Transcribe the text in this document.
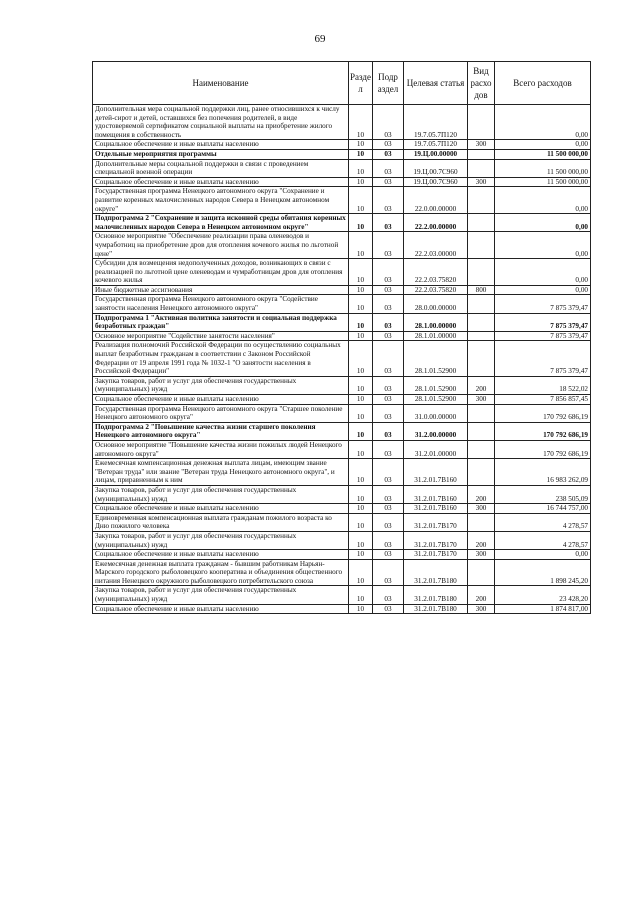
69
Наименование	Разде л	Подр аздел	Целевая статья	Вид расхо дов	Всего расходов
Дополнительная мера социальной поддержки лиц, ранее относившихся к числу детей-сирот и детей, оставшихся без попечения родителей, в виде удостоверяемой сертификатом социальной выплаты на приобретение жилого помещения в собственность	10	03	19.7.05.7П120		0,00
Социальное обеспечение и иные выплаты населению	10	03	19.7.05.7П120	300	0,00
Отдельные мероприятия программы	10	03	19.Ц.00.00000		11 500 000,00
Дополнительные меры социальной поддержки в связи с проведением специальной военной операции	10	03	19.Ц.00.7С960		11 500 000,00
Социальное обеспечение и иные выплаты населению	10	03	19.Ц.00.7С960	300	11 500 000,00
Государственная программа Ненецкого автономного округа "Сохранение и развитие коренных малочисленных народов Севера в Ненецком автономном округе"	10	03	22.0.00.00000		0,00
Подпрограмма 2 "Сохранение и защита исконной среды обитания коренных малочисленных народов Севера в Ненецком автономном округе"	10	03	22.2.00.00000		0,00
Основное мероприятие "Обеспечение реализации права оленеводов и чумработниц на приобретение дров для отопления кочевого жилья по льготной цене"	10	03	22.2.03.00000		0,00
Субсидии для возмещения недополученных доходов, возникающих в связи с реализацией по льготной цене оленеводам и чумработницам дров для отопления кочевого жилья	10	03	22.2.03.75820		0,00
Иные бюджетные ассигнования	10	03	22.2.03.75820	800	0,00
Государственная программа Ненецкого автономного округа "Содействие занятости населения Ненецкого автономного округа"	10	03	28.0.00.00000		7 875 379,47
Подпрограмма 1 "Активная политика занятости и социальная поддержка безработных граждан"	10	03	28.1.00.00000		7 875 379,47
Основное мероприятие "Содействие занятости населения"	10	03	28.1.01.00000		7 875 379,47
Реализация полномочий Российской Федерации по осуществлению социальных выплат безработным гражданам в соответствии с Законом Российской Федерации от 19 апреля 1991 года № 1032-1 "О занятости населения в Российской Федерации"	10	03	28.1.01.52900		7 875 379,47
Закупка товаров, работ и услуг для обеспечения государственных (муниципальных) нужд	10	03	28.1.01.52900	200	18 522,02
Социальное обеспечение и иные выплаты населению	10	03	28.1.01.52900	300	7 856 857,45
Государственная программа Ненецкого автономного округа "Старшее поколение Ненецкого автономного округа"	10	03	31.0.00.00000		170 792 686,19
Подпрограмма 2 "Повышение качества жизни старшего поколения Ненецкого автономного округа"	10	03	31.2.00.00000		170 792 686,19
Основное мероприятие "Повышение качества жизни пожилых людей Ненецкого автономного округа"	10	03	31.2.01.00000		170 792 686,19
Ежемесячная компенсационная денежная выплата лицам, имеющим звание "Ветеран труда" или звание "Ветеран труда Ненецкого автономного округа", и лицам, приравненным к ним	10	03	31.2.01.7В160		16 983 262,09
Закупка товаров, работ и услуг для обеспечения государственных (муниципальных) нужд	10	03	31.2.01.7В160	200	238 505,09
Социальное обеспечение и иные выплаты населению	10	03	31.2.01.7В160	300	16 744 757,00
Единовременная компенсационная выплата гражданам пожилого возраста ко Дню пожилого человека	10	03	31.2.01.7В170		4 278,57
Закупка товаров, работ и услуг для обеспечения государственных (муниципальных) нужд	10	03	31.2.01.7В170	200	4 278,57
Социальное обеспечение и иные выплаты населению	10	03	31.2.01.7В170	300	0,00
Ежемесячная денежная выплата гражданам - бывшим работникам Нарьян-Марского городского рыболовецкого кооператива и объединения общественного питания Ненецкого окружного рыболовецкого потребительского союза	10	03	31.2.01.7В180		1 898 245,20
Закупка товаров, работ и услуг для обеспечения государственных (муниципальных) нужд	10	03	31.2.01.7В180	200	23 428,20
Социальное обеспечение и иные выплаты населению	10	03	31.2.01.7В180	300	1 874 817,00
